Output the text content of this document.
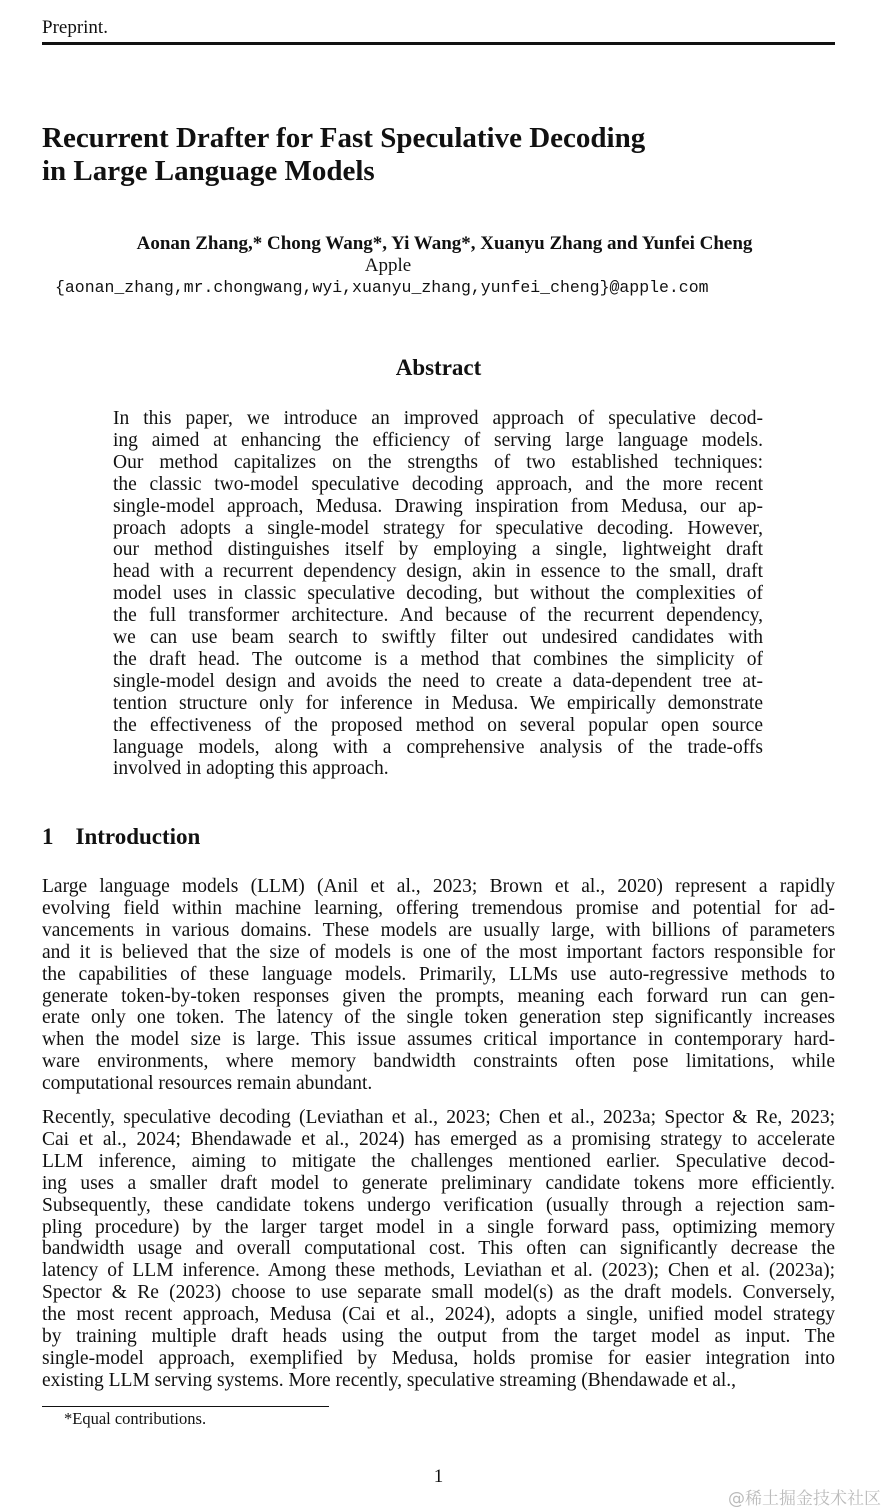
Preprint.
Recurrent Drafter for Fast Speculative Decoding
in Large Language Models
Aonan Zhang,* Chong Wang*, Yi Wang*, Xuanyu Zhang and Yunfei Cheng
Apple
{aonan_zhang,mr.chongwang,wyi,xuanyu_zhang,yunfei_cheng}@apple.com
Abstract
In this paper, we introduce an improved approach of speculative decod-
ing aimed at enhancing the efficiency of serving large language models.
Our method capitalizes on the strengths of two established techniques:
the classic two-model speculative decoding approach, and the more recent
single-model approach, Medusa. Drawing inspiration from Medusa, our ap-
proach adopts a single-model strategy for speculative decoding. However,
our method distinguishes itself by employing a single, lightweight draft
head with a recurrent dependency design, akin in essence to the small, draft
model uses in classic speculative decoding, but without the complexities of
the full transformer architecture. And because of the recurrent dependency,
we can use beam search to swiftly filter out undesired candidates with
the draft head. The outcome is a method that combines the simplicity of
single-model design and avoids the need to create a data-dependent tree at-
tention structure only for inference in Medusa. We empirically demonstrate
the effectiveness of the proposed method on several popular open source
language models, along with a comprehensive analysis of the trade-offs
involved in adopting this approach.
1 Introduction
Large language models (LLM) (Anil et al., 2023; Brown et al., 2020) represent a rapidly
evolving field within machine learning, offering tremendous promise and potential for ad-
vancements in various domains. These models are usually large, with billions of parameters
and it is believed that the size of models is one of the most important factors responsible for
the capabilities of these language models. Primarily, LLMs use auto-regressive methods to
generate token-by-token responses given the prompts, meaning each forward run can gen-
erate only one token. The latency of the single token generation step significantly increases
when the model size is large. This issue assumes critical importance in contemporary hard-
ware environments, where memory bandwidth constraints often pose limitations, while
computational resources remain abundant.
Recently, speculative decoding (Leviathan et al., 2023; Chen et al., 2023a; Spector & Re, 2023;
Cai et al., 2024; Bhendawade et al., 2024) has emerged as a promising strategy to accelerate
LLM inference, aiming to mitigate the challenges mentioned earlier. Speculative decod-
ing uses a smaller draft model to generate preliminary candidate tokens more efficiently.
Subsequently, these candidate tokens undergo verification (usually through a rejection sam-
pling procedure) by the larger target model in a single forward pass, optimizing memory
bandwidth usage and overall computational cost. This often can significantly decrease the
latency of LLM inference. Among these methods, Leviathan et al. (2023); Chen et al. (2023a);
Spector & Re (2023) choose to use separate small model(s) as the draft models. Conversely,
the most recent approach, Medusa (Cai et al., 2024), adopts a single, unified model strategy
by training multiple draft heads using the output from the target model as input. The
single-model approach, exemplified by Medusa, holds promise for easier integration into
existing LLM serving systems. More recently, speculative streaming (Bhendawade et al.,
*Equal contributions.
1
@稀土掘金技术社区
